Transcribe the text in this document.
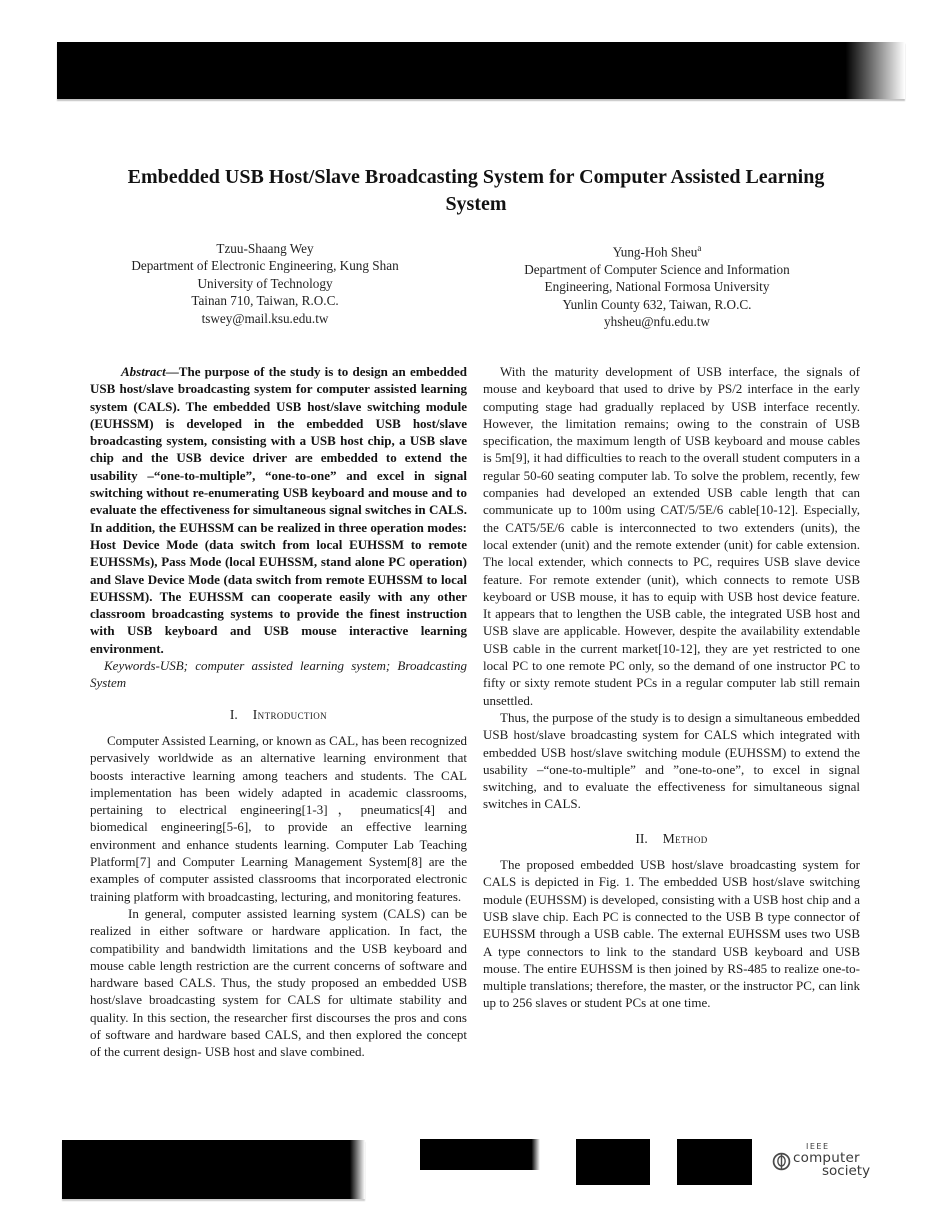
Embedded USB Host/Slave Broadcasting System for Computer Assisted Learning
System
Tzuu-Shaang Wey
Department of Electronic Engineering, Kung Shan
University of Technology
Tainan 710, Taiwan, R.O.C.
tswey@mail.ksu.edu.tw
Yung-Hoh Sheu$^a$
Department of Computer Science and Information
Engineering, National Formosa University
Yunlin County 632, Taiwan, R.O.C.
yhsheu@nfu.edu.tw

Abstract—The purpose of the study is to design an embedded USB host/slave broadcasting system for computer assisted learning system (CALS). The embedded USB host/slave switching module (EUHSSM) is developed in the embedded USB host/slave broadcasting system, consisting with a USB host chip, a USB slave chip and the USB device driver are embedded to extend the usability –“one-to-multiple”, “one-to-one” and excel in signal switching without re-enumerating USB keyboard and mouse and to evaluate the effectiveness for simultaneous signal switches in CALS. In addition, the EUHSSM can be realized in three operation modes: Host Device Mode (data switch from local EUHSSM to remote EUHSSMs), Pass Mode (local EUHSSM, stand alone PC operation) and Slave Device Mode (data switch from remote EUHSSM to local EUHSSM). The EUHSSM can cooperate easily with any other classroom broadcasting systems to provide the finest instruction with USB keyboard and USB mouse interactive learning environment.

Keywords-USB; computer assisted learning system; Broadcasting System

I. Introduction

Computer Assisted Learning, or known as CAL, has been recognized pervasively worldwide as an alternative learning environment that boosts interactive learning among teachers and students. The CAL implementation has been widely adapted in academic classrooms, pertaining to electrical engineering[1-3]，pneumatics[4] and biomedical engineering[5-6], to provide an effective learning environment and enhance students learning. Computer Lab Teaching Platform[7] and Computer Learning Management System[8] are the examples of computer assisted classrooms that incorporated electronic training platform with broadcasting, lecturing, and monitoring features.

In general, computer assisted learning system (CALS) can be realized in either software or hardware application. In fact, the compatibility and bandwidth limitations and the USB keyboard and mouse cable length restriction are the current concerns of software and hardware based CALS. Thus, the study proposed an embedded USB host/slave broadcasting system for CALS for ultimate stability and quality. In this section, the researcher first discourses the pros and cons of software and hardware based CALS, and then explored the concept of the current design- USB host and slave combined.

With the maturity development of USB interface, the signals of mouse and keyboard that used to drive by PS/2 interface in the early computing stage had gradually replaced by USB interface recently. However, the limitation remains; owing to the constrain of USB specification, the maximum length of USB keyboard and mouse cables is 5m[9], it had difficulties to reach to the overall student computers in a regular 50-60 seating computer lab. To solve the problem, recently, few companies had developed an extended USB cable length that can communicate up to 100m using CAT/5/5E/6 cable[10-12]. Especially, the CAT5/5E/6 cable is interconnected to two extenders (units), the local extender (unit) and the remote extender (unit) for cable extension. The local extender, which connects to PC, requires USB slave device feature. For remote extender (unit), which connects to remote USB keyboard or USB mouse, it has to equip with USB host device feature. It appears that to lengthen the USB cable, the integrated USB host and USB slave are applicable. However, despite the availability extendable USB cable in the current market[10-12], they are yet restricted to one local PC to one remote PC only, so the demand of one instructor PC to fifty or sixty remote student PCs in a regular computer lab still remain unsettled.

Thus, the purpose of the study is to design a simultaneous embedded USB host/slave broadcasting system for CALS which integrated with embedded USB host/slave switching module (EUHSSM) to extend the usability –“one-to-multiple” and ”one-to-one”, to excel in signal switching, and to evaluate the effectiveness for simultaneous signal switches in CALS.

II. Method

The proposed embedded USB host/slave broadcasting system for CALS is depicted in Fig. 1. The embedded USB host/slave switching module (EUHSSM) is developed, consisting with a USB host chip and a USB slave chip. Each PC is connected to the USB B type connector of EUHSSM through a USB cable. The external EUHSSM uses two USB A type connectors to link to the standard USB keyboard and USB mouse. The entire EUHSSM is then joined by RS-485 to realize one-to-multiple translations; therefore, the master, or the instructor PC, can link up to 256 slaves or student PCs at one time.

IEEE
computer
society
